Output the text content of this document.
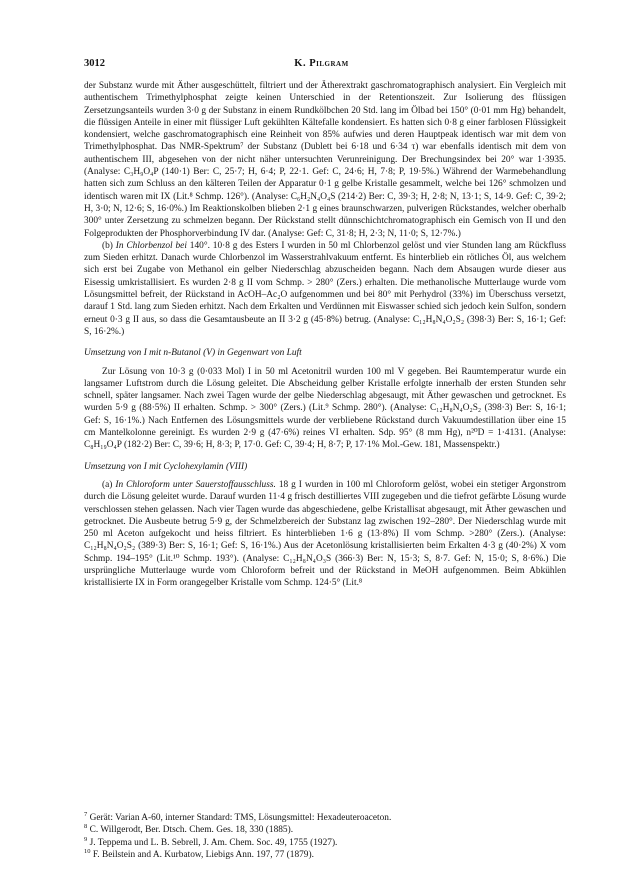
3012	K. Pilgram

der Substanz wurde mit Äther ausgeschüttelt, filtriert und der Ätherextrakt gaschromatographisch analysiert. Ein Vergleich mit authentischem Trimethylphosphat zeigte keinen Unterschied in der Retentionszeit. Zur Isolierung des flüssigen Zersetzungsanteils wurden 3·0 g der Substanz in einem Rundkölbchen 20 Std. lang im Ölbad bei 150° (0·01 mm Hg) behandelt, die flüssigen Anteile in einer mit flüssiger Luft gekühlten Kältefalle kondensiert. Es hatten sich 0·8 g einer farblosen Flüssigkeit kondensiert, welche gaschromatographisch eine Reinheit von 85% aufwies und deren Hauptpeak identisch war mit dem von Trimethylphosphat. Das NMR-Spektrum⁷ der Substanz (Dublett bei 6·18 und 6·34 τ) war ebenfalls identisch mit dem von authentischem III, abgesehen von der nicht näher untersuchten Verunreinigung. Der Brechungsindex bei 20° war 1·3935. (Analyse: C₃H₉O₄P (140·1) Ber: C, 25·7; H, 6·4; P, 22·1. Gef: C, 24·6; H, 7·8; P, 19·5%.) Während der Warmebehandlung hatten sich zum Schluss an den kälteren Teilen der Apparatur 0·1 g gelbe Kristalle gesammelt, welche bei 126° schmolzen und identisch waren mit IX (Lit.⁸ Schmp. 126°). (Analyse: C₆H₂N₄O₄S (214·2) Ber: C, 39·3; H, 2·8; N, 13·1; S, 14·9. Gef: C, 39·2; H, 3·0; N, 12·6; S, 16·0%.) Im Reaktionskolben blieben 2·1 g eines braunschwarzen, pulverigen Rückstandes, welcher oberhalb 300° unter Zersetzung zu schmelzen begann. Der Rückstand stellt dünnschichtchromatographisch ein Gemisch von II und den Folgeprodukten der Phosphorverbindung IV dar. (Analyse: Gef: C, 31·8; H, 2·3; N, 11·0; S, 12·7%.)

(b) In Chlorbenzol bei 140°. 10·8 g des Esters I wurden in 50 ml Chlorbenzol gelöst und vier Stunden lang am Rückfluss zum Sieden erhitzt. Danach wurde Chlorbenzol im Wasserstrahlvakuum entfernt. Es hinterblieb ein rötliches Öl, aus welchem sich erst bei Zugabe von Methanol ein gelber Niederschlag abzuscheiden begann. Nach dem Absaugen wurde dieser aus Eisessig umkristallisiert. Es wurden 2·8 g II vom Schmp. > 280° (Zers.) erhalten. Die methanolische Mutterlauge wurde vom Lösungsmittel befreit, der Rückstand in AcOH–Ac₂O aufgenommen und bei 80° mit Perhydrol (33%) im Überschuss versetzt, darauf 1 Std. lang zum Sieden erhitzt. Nach dem Erkalten und Verdünnen mit Eiswasser schied sich jedoch kein Sulfon, sondern erneut 0·3 g II aus, so dass die Gesamtausbeute an II 3·2 g (45·8%) betrug. (Analyse: C₁₂H₈N₄O₂S₂ (398·3) Ber: S, 16·1; Gef: S, 16·2%.)

Umsetzung von I mit n-Butanol (V) in Gegenwart von Luft

Zur Lösung von 10·3 g (0·033 Mol) I in 50 ml Acetonitril wurden 100 ml V gegeben. Bei Raumtemperatur wurde ein langsamer Luftstrom durch die Lösung geleitet. Die Abscheidung gelber Kristalle erfolgte innerhalb der ersten Stunden sehr schnell, später langsamer. Nach zwei Tagen wurde der gelbe Niederschlag abgesaugt, mit Äther gewaschen und getrocknet. Es wurden 5·9 g (88·5%) II erhalten. Schmp. > 300° (Zers.) (Lit.⁹ Schmp. 280°). (Analyse: C₁₂H₈N₄O₂S₂ (398·3) Ber: S, 16·1; Gef: S, 16·1%.) Nach Entfernen des Lösungsmittels wurde der verbliebene Rückstand durch Vakuumdestillation über eine 15 cm Mantelkolonne gereinigt. Es wurden 2·9 g (47·6%) reines VI erhalten. Sdp. 95° (8 mm Hg), n²⁰D = 1·4131. (Analyse: C₈H₁₉O₄P (182·2) Ber: C, 39·6; H, 8·3; P, 17·0. Gef: C, 39·4; H, 8·7; P, 17·1% Mol.-Gew. 181, Massenspektr.)

Umsetzung von I mit Cyclohexylamin (VIII)

(a) In Chloroform unter Sauerstoffausschluss. 18 g I wurden in 100 ml Chloroform gelöst, wobei ein stetiger Argonstrom durch die Lösung geleitet wurde. Darauf wurden 11·4 g frisch destilliertes VIII zugegeben und die tiefrot gefärbte Lösung wurde verschlossen stehen gelassen. Nach vier Tagen wurde das abgeschiedene, gelbe Kristallisat abgesaugt, mit Äther gewaschen und getrocknet. Die Ausbeute betrug 5·9 g, der Schmelzbereich der Substanz lag zwischen 192–280°. Der Niederschlag wurde mit 250 ml Aceton aufgekocht und heiss filtriert. Es hinterblieben 1·6 g (13·8%) II vom Schmp. >280° (Zers.). (Analyse: C₁₂H₈N₄O₂S₂ (389·3) Ber: S, 16·1; Gef: S, 16·1%.) Aus der Acetonlösung kristallisierten beim Erkalten 4·3 g (40·2%) X vom Schmp. 194–195° (Lit.¹⁰ Schmp. 193°). (Analyse: C₁₂H₈N₄O₃S (366·3) Ber: N, 15·3; S, 8·7. Gef: N, 15·0; S, 8·6%.) Die ursprüngliche Mutterlauge wurde vom Chloroform befreit und der Rückstand in MeOH aufgenommen. Beim Abkühlen kristallisierte IX in Form orangegelber Kristalle vom Schmp. 124·5° (Lit.⁸

$^7$ Gerät: Varian A-60, interner Standard: TMS, Lösungsmittel: Hexadeuteroaceton.

$^8$ C. Willgerodt, Ber. Dtsch. Chem. Ges. 18, 330 (1885).

$^9$ J. Teppema und L. B. Sebrell, J. Am. Chem. Soc. 49, 1755 (1927).

$^{10}$ F. Beilstein and A. Kurbatow, Liebigs Ann. 197, 77 (1879).
